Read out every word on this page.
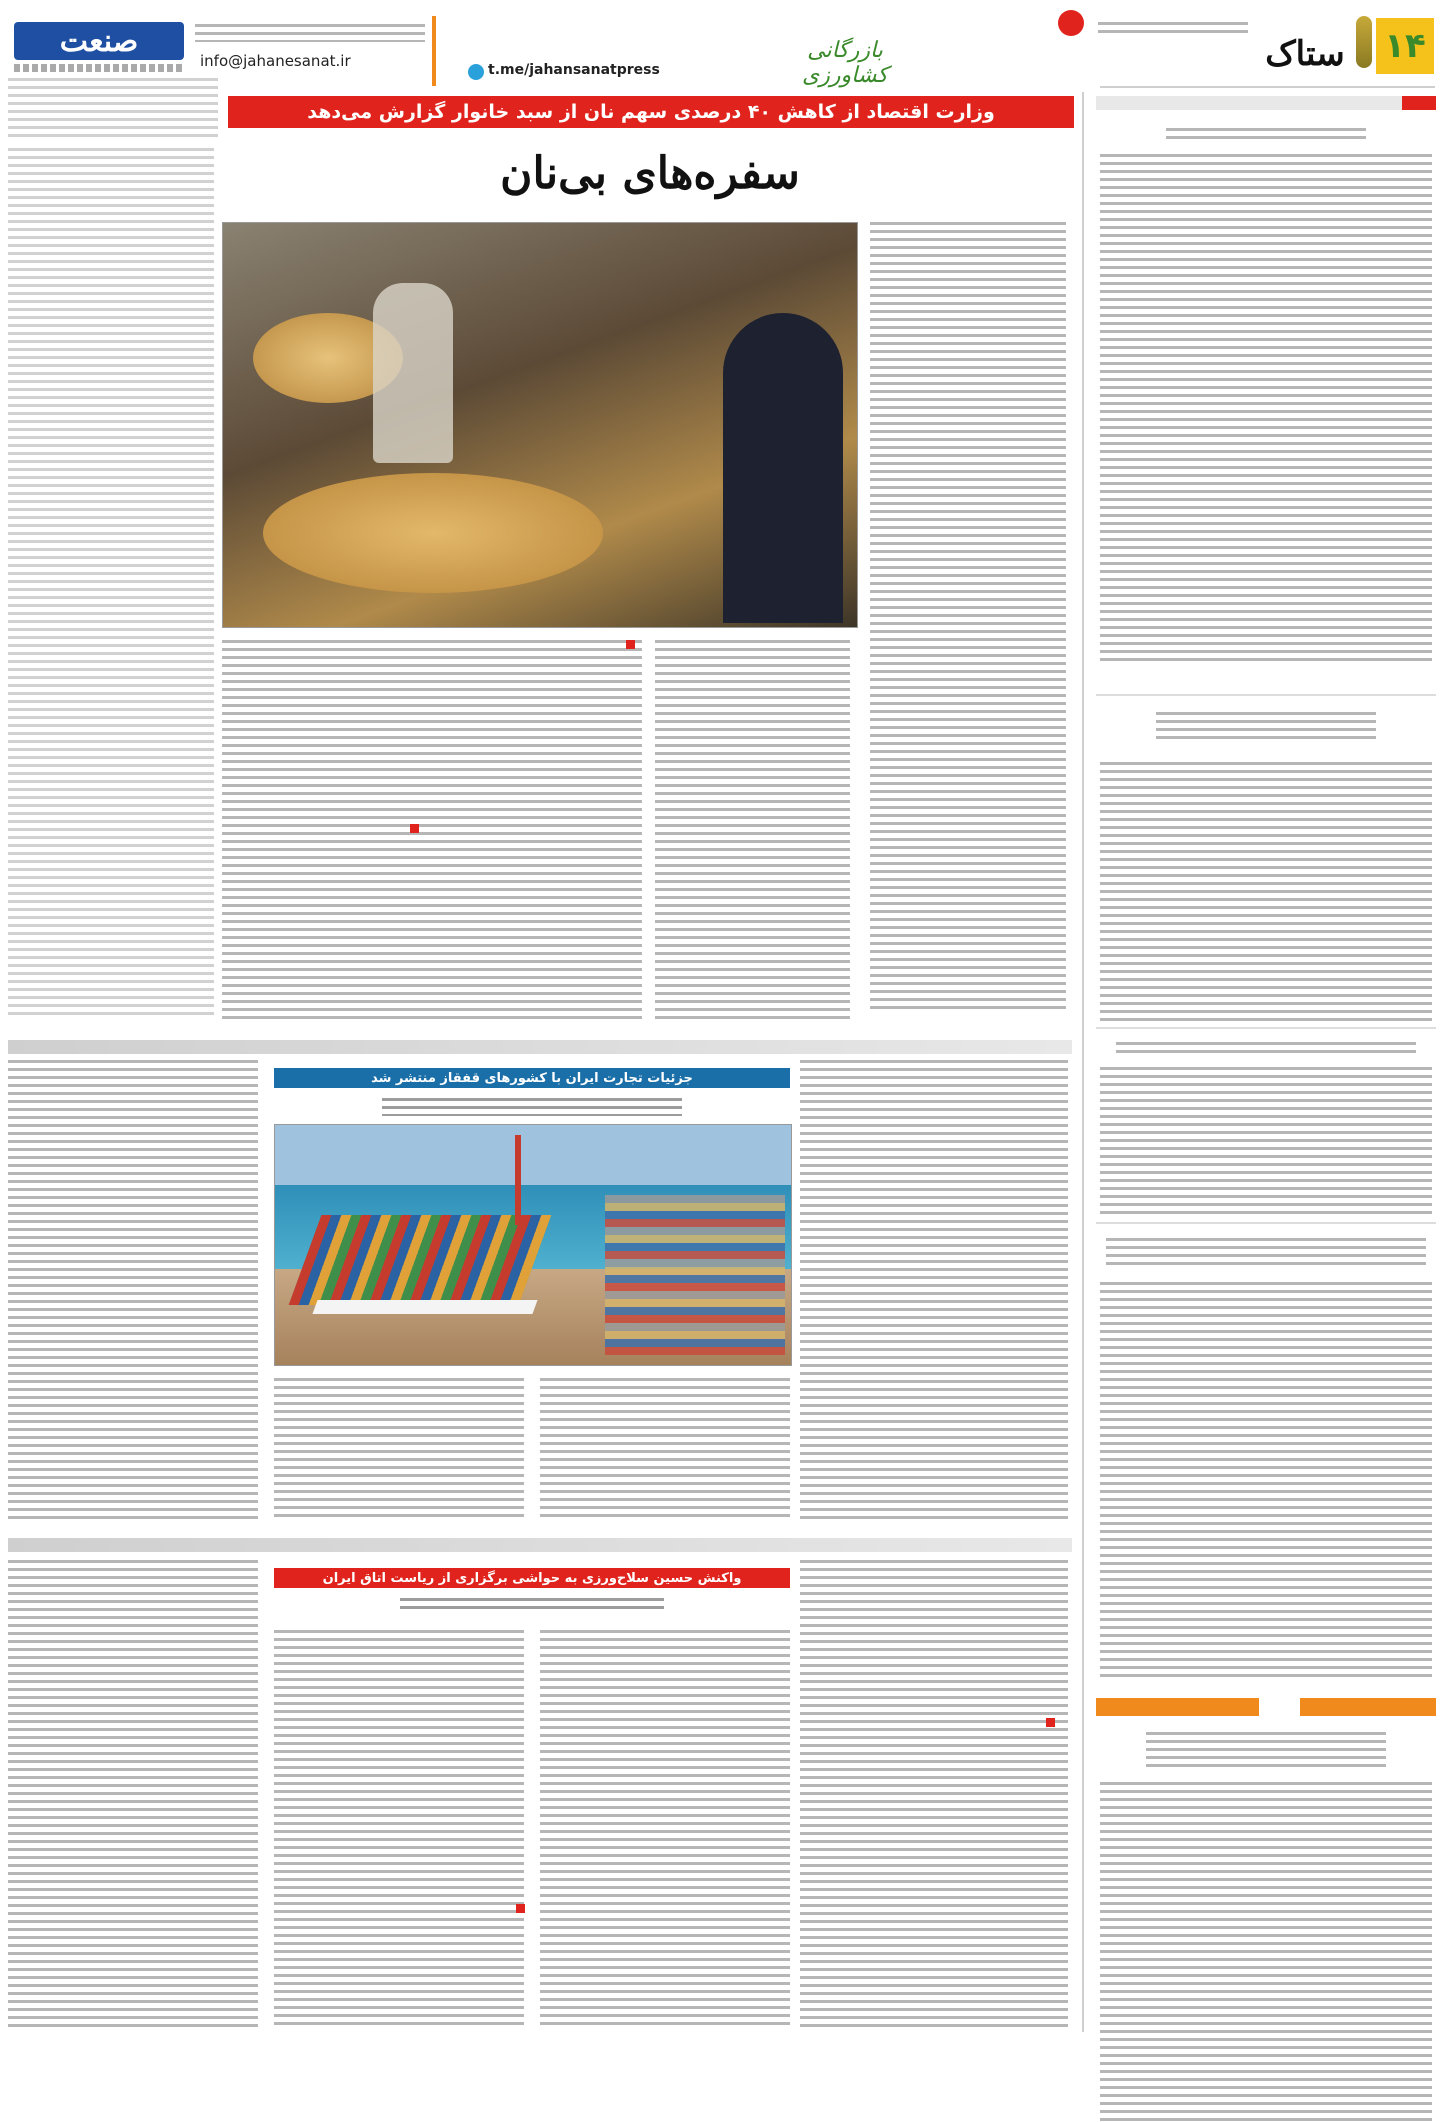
صنعت
info@jahanesanat.ir	t.me/jahansanatpress
بازرگانی کشاورزی
ستاک	۱۴
وزارت اقتصاد از کاهش ۴۰ درصدی سهم نان از سبد خانوار گزارش می‌دهد
سفره‌های بی‌نان
جزئیات تجارت ایران با کشورهای قفقاز منتشر شد
واکنش حسین سلاح‌ورزی به حواشی برگزاری از ریاست اتاق ایران
